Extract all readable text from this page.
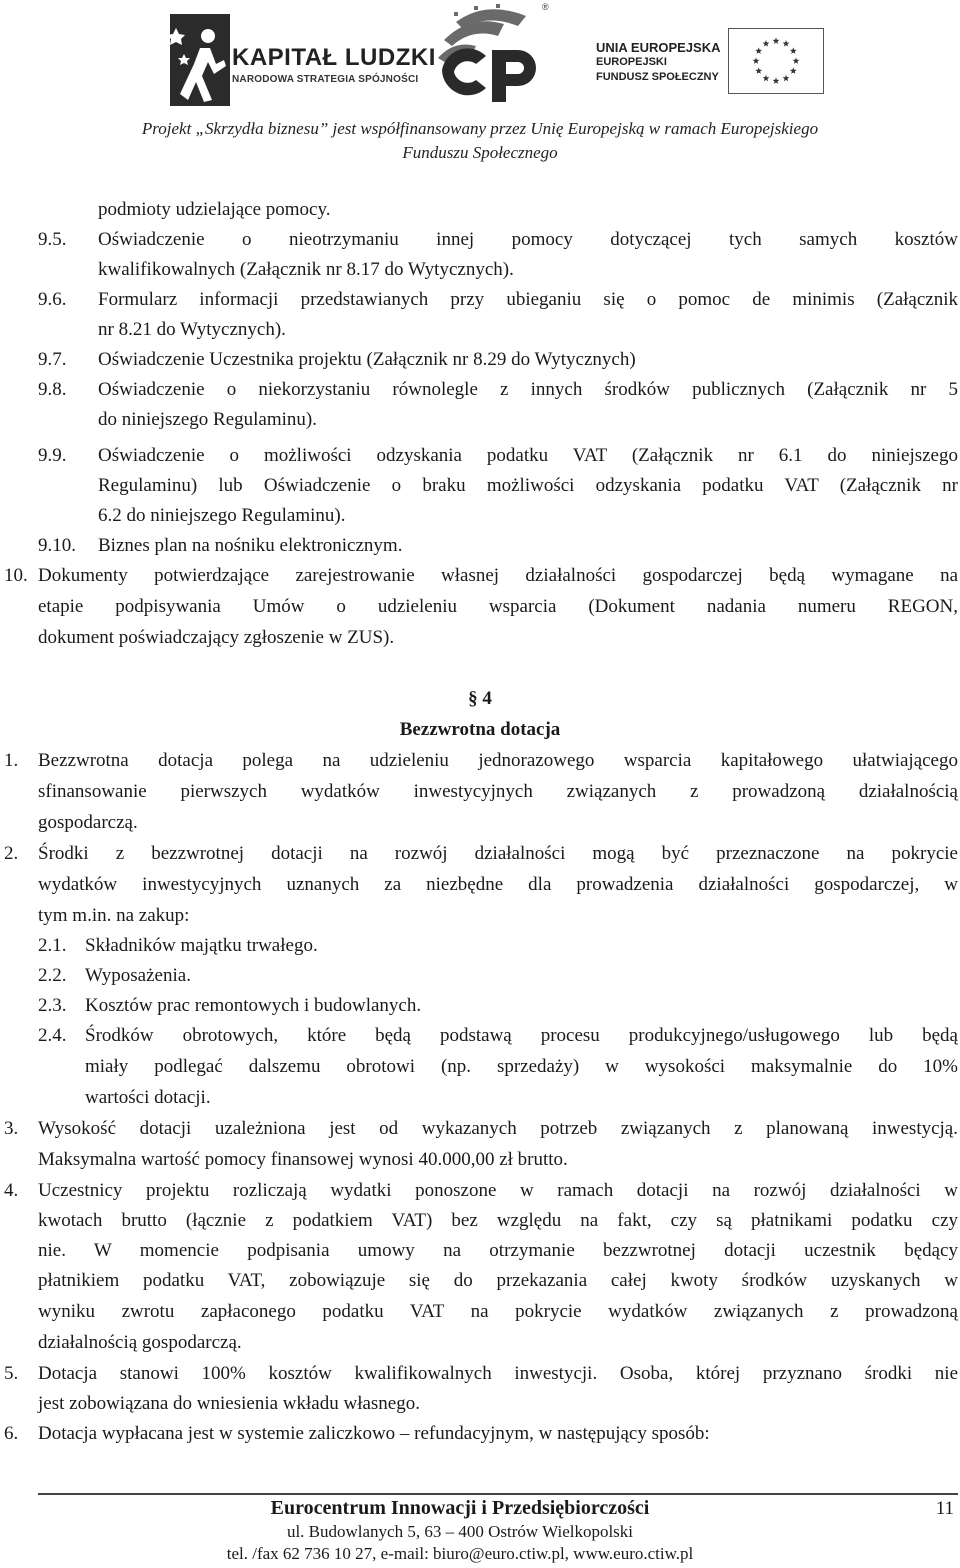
KAPITAŁ LUDZKI
NARODOWA STRATEGIA SPÓJNOŚCI
®
UNIA EUROPEJSKA
EUROPEJSKI
FUNDUSZ SPOŁECZNY
Projekt „Skrzydła biznesu” jest współfinansowany przez Unię Europejską w ramach Europejskiego
Funduszu Społecznego
podmioty udzielające pomocy.
9.5. Oświadczenie o nieotrzymaniu innej pomocy dotyczącej tych samych kosztów
kwalifikowalnych (Załącznik nr 8.17 do Wytycznych).
9.6. Formularz informacji przedstawianych przy ubieganiu się o pomoc de minimis (Załącznik
nr 8.21 do Wytycznych).
9.7. Oświadczenie Uczestnika projektu (Załącznik nr 8.29 do Wytycznych)
9.8. Oświadczenie o niekorzystaniu równolegle z innych środków publicznych (Załącznik nr 5
do niniejszego Regulaminu).
9.9. Oświadczenie o możliwości odzyskania podatku VAT (Załącznik nr 6.1 do niniejszego
Regulaminu) lub Oświadczenie o braku możliwości odzyskania podatku VAT (Załącznik nr
6.2 do niniejszego Regulaminu).
9.10. Biznes plan na nośniku elektronicznym.
10. Dokumenty potwierdzające zarejestrowanie własnej działalności gospodarczej będą wymagane na
etapie podpisywania Umów o udzieleniu wsparcia (Dokument nadania numeru REGON,
dokument poświadczający zgłoszenie w ZUS).
§ 4
Bezzwrotna dotacja
1. Bezzwrotna dotacja polega na udzieleniu jednorazowego wsparcia kapitałowego ułatwiającego
sfinansowanie pierwszych wydatków inwestycyjnych związanych z prowadzoną działalnością
gospodarczą.
2. Środki z bezzwrotnej dotacji na rozwój działalności mogą być przeznaczone na pokrycie
wydatków inwestycyjnych uznanych za niezbędne dla prowadzenia działalności gospodarczej, w
tym m.in. na zakup:
2.1. Składników majątku trwałego.
2.2. Wyposażenia.
2.3. Kosztów prac remontowych i budowlanych.
2.4. Środków obrotowych, które będą podstawą procesu produkcyjnego/usługowego lub będą
miały podlegać dalszemu obrotowi (np. sprzedaży) w wysokości maksymalnie do 10%
wartości dotacji.
3. Wysokość dotacji uzależniona jest od wykazanych potrzeb związanych z planowaną inwestycją.
Maksymalna wartość pomocy finansowej wynosi 40.000,00 zł brutto.
4. Uczestnicy projektu rozliczają wydatki ponoszone w ramach dotacji na rozwój działalności w
kwotach brutto (łącznie z podatkiem VAT) bez względu na fakt, czy są płatnikami podatku czy
nie. W momencie podpisania umowy na otrzymanie bezzwrotnej dotacji uczestnik będący
płatnikiem podatku VAT, zobowiązuje się do przekazania całej kwoty środków uzyskanych w
wyniku zwrotu zapłaconego podatku VAT na pokrycie wydatków związanych z prowadzoną
działalnością gospodarczą.
5. Dotacja stanowi 100% kosztów kwalifikowalnych inwestycji. Osoba, której przyznano środki nie
jest zobowiązana do wniesienia wkładu własnego.
6. Dotacja wypłacana jest w systemie zaliczkowo – refundacyjnym, w następujący sposób:
Eurocentrum Innowacji i Przedsiębiorczości
ul. Budowlanych 5, 63 – 400 Ostrów Wielkopolski
tel. /fax 62 736 10 27, e-mail: biuro@euro.ctiw.pl, www.euro.ctiw.pl
11
